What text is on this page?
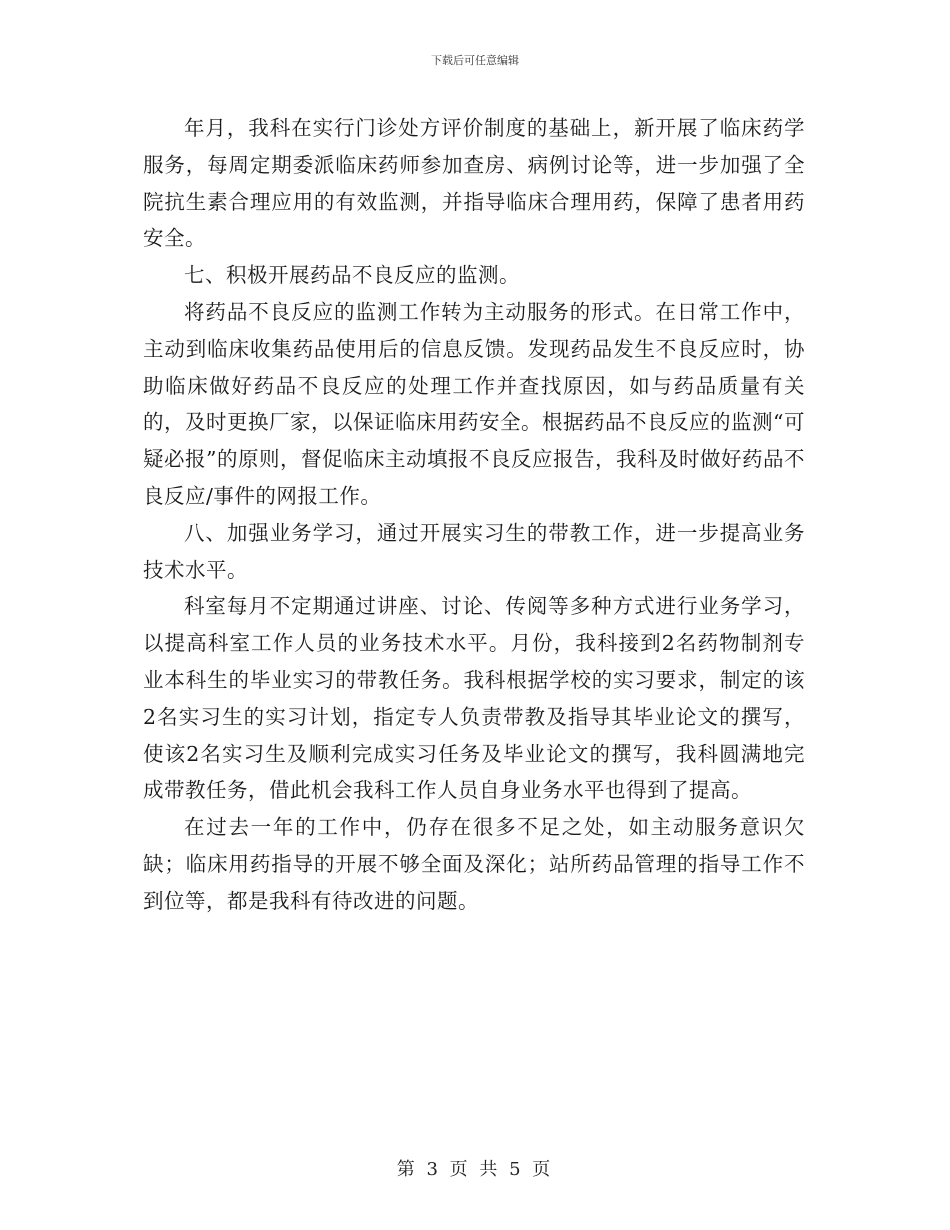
下载后可任意编辑

年月，我科在实行门诊处方评价制度的基础上，新开展了临床药学服务，每周定期委派临床药师参加查房、病例讨论等，进一步加强了全院抗生素合理应用的有效监测，并指导临床合理用药，保障了患者用药安全。

七、积极开展药品不良反应的监测。

将药品不良反应的监测工作转为主动服务的形式。在日常工作中，主动到临床收集药品使用后的信息反馈。发现药品发生不良反应时，协助临床做好药品不良反应的处理工作并查找原因，如与药品质量有关的，及时更换厂家，以保证临床用药安全。根据药品不良反应的监测“可疑必报”的原则，督促临床主动填报不良反应报告，我科及时做好药品不良反应/事件的网报工作。

八、加强业务学习，通过开展实习生的带教工作，进一步提高业务技术水平。

科室每月不定期通过讲座、讨论、传阅等多种方式进行业务学习，以提高科室工作人员的业务技术水平。月份，我科接到2名药物制剂专业本科生的毕业实习的带教任务。我科根据学校的实习要求，制定的该2名实习生的实习计划，指定专人负责带教及指导其毕业论文的撰写，使该2名实习生及顺利完成实习任务及毕业论文的撰写，我科圆满地完成带教任务，借此机会我科工作人员自身业务水平也得到了提高。

在过去一年的工作中，仍存在很多不足之处，如主动服务意识欠缺；临床用药指导的开展不够全面及深化；站所药品管理的指导工作不到位等，都是我科有待改进的问题。

第 3 页 共 5 页
